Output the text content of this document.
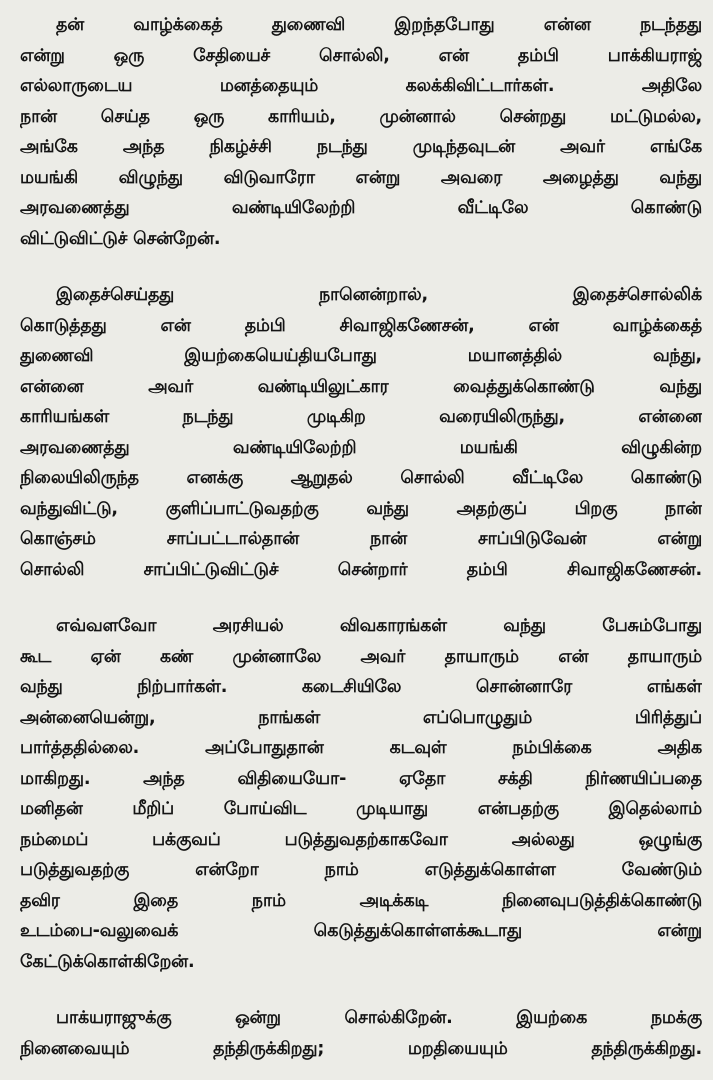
தன் வாழ்க்கைத் துணைவி இறந்தபோது என்ன நடந்தது
என்று ஒரு சேதியைச் சொல்லி, என் தம்பி பாக்கியராஜ்
எல்லாருடைய மனத்தையும் கலக்கிவிட்டார்கள். அதிலே
நான் செய்த ஒரு காரியம், முன்னால் சென்றது மட்டுமல்ல,
அங்கே அந்த நிகழ்ச்சி நடந்து முடிந்தவுடன் அவர் எங்கே
மயங்கி விழுந்து விடுவாரோ என்று அவரை அழைத்து வந்து
அரவணைத்து வண்டியிலேற்றி வீட்டிலே கொண்டு
விட்டுவிட்டுச் சென்றேன்.
இதைச்செய்தது நானென்றால், இதைச்சொல்லிக்
கொடுத்தது என் தம்பி சிவாஜிகணேசன், என் வாழ்க்கைத்
துணைவி இயற்கையெய்தியபோது மயானத்தில் வந்து,
என்னை அவர் வண்டியிலுட்கார வைத்துக்கொண்டு வந்து
காரியங்கள் நடந்து முடிகிற வரையிலிருந்து, என்னை
அரவணைத்து வண்டியிலேற்றி மயங்கி விழுகின்ற
நிலையிலிருந்த எனக்கு ஆறுதல் சொல்லி வீட்டிலே கொண்டு
வந்துவிட்டு, குளிப்பாட்டுவதற்கு வந்து அதற்குப் பிறகு நான்
கொஞ்சம் சாப்பட்டால்தான் நான் சாப்பிடுவேன் என்று
சொல்லி சாப்பிட்டுவிட்டுச் சென்றார் தம்பி சிவாஜிகணேசன்.
எவ்வளவோ அரசியல் விவகாரங்கள் வந்து பேசும்போது
கூட ஏன் கண் முன்னாலே அவர் தாயாரும் என் தாயாரும்
வந்து நிற்பார்கள். கடைசியிலே சொன்னாரே எங்கள்
அன்னையென்று, நாங்கள் எப்பொழுதும் பிரித்துப்
பார்த்ததில்லை. அப்போதுதான் கடவுள் நம்பிக்கை அதிக
மாகிறது. அந்த விதியையோ- ஏதோ சக்தி நிர்ணயிப்பதை
மனிதன் மீறிப் போய்விட முடியாது என்பதற்கு இதெல்லாம்
நம்மைப் பக்குவப் படுத்துவதற்காகவோ அல்லது ஒழுங்கு
படுத்துவதற்கு என்றோ நாம் எடுத்துக்கொள்ள வேண்டும்
தவிர இதை நாம் அடிக்கடி நினைவுபடுத்திக்கொண்டு
உடம்பை-வலுவைக் கெடுத்துக்கொள்ளக்கூடாது என்று
கேட்டுக்கொள்கிறேன்.
பாக்யராஜுக்கு ஒன்று சொல்கிறேன். இயற்கை நமக்கு
நினைவையும் தந்திருக்கிறது; மறதியையும் தந்திருக்கிறது.
